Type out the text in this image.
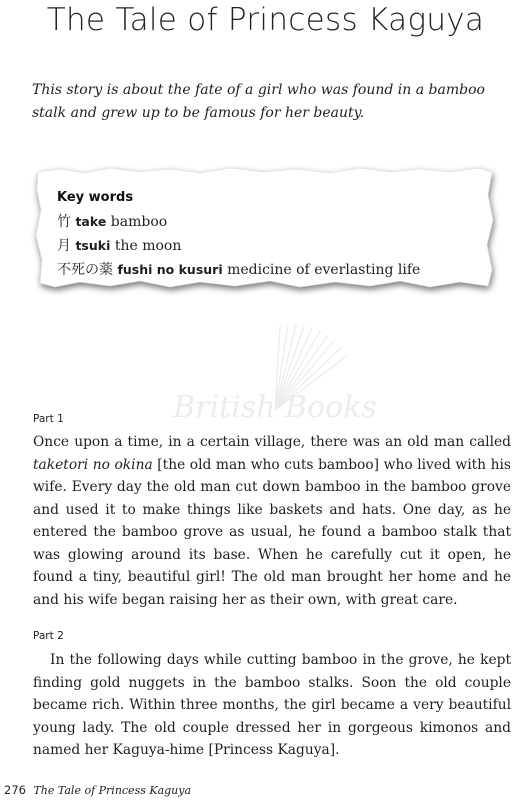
The Tale of Princess Kaguya

This story is about the fate of a girl who was found in a bamboo stalk and grew up to be famous for her beauty.

Key words
竹 take bamboo
月 tsuki the moon
不死の薬 fushi no kusuri medicine of everlasting life
British Books
Part 1

Once upon a time, in a certain village, there was an old man called taketori no okina [the old man who cuts bamboo] who lived with his wife. Every day the old man cut down bamboo in the bamboo grove and used it to make things like baskets and hats. One day, as he entered the bamboo grove as usual, he found a bamboo stalk that was glowing around its base. When he carefully cut it open, he found a tiny, beautiful girl! The old man brought her home and he and his wife began raising her as their own, with great care.

Part 2

In the following days while cutting bamboo in the grove, he kept finding gold nuggets in the bamboo stalks. Soon the old couple became rich. Within three months, the girl became a very beautiful young lady. The old couple dressed her in gorgeous kimonos and named her Kaguya-hime [Princess Kaguya].

276 The Tale of Princess Kaguya
